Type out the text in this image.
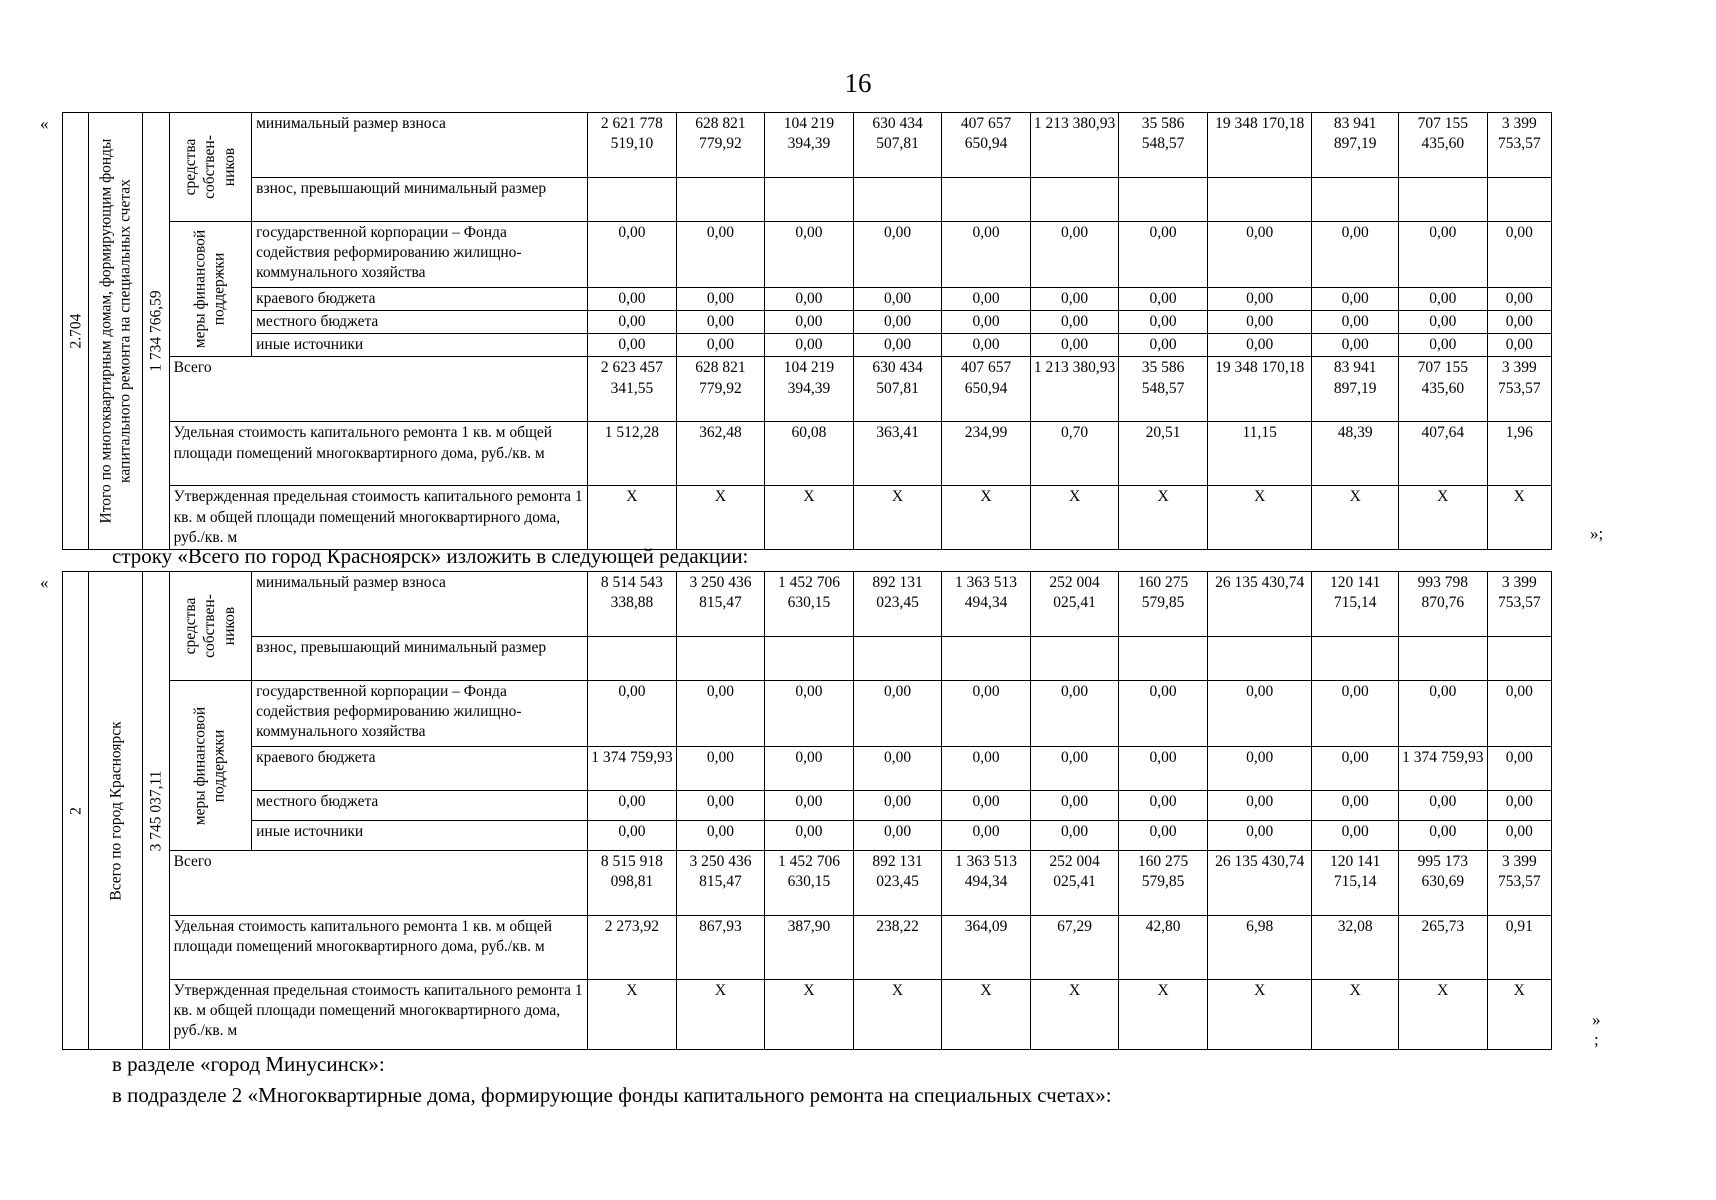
16
«
»;
«
»
;
2.704	Итого по многоквартирным домам, формирующим фонды капитального ремонта на специальных счетах	1 734 766,59	средства собствен-ников	минимальный размер взноса	2 621 778 519,10	628 821 779,92	104 219 394,39	630 434 507,81	407 657 650,94	1 213 380,93	35 586 548,57	19 348 170,18	83 941 897,19	707 155 435,60	3 399 753,57
				взнос, превышающий минимальный размер											

			меры финансовой поддержки	государственной корпорации – Фонда содействия реформированию жилищно-коммунального хозяйства	0,00	0,00	0,00	0,00	0,00	0,00	0,00	0,00	0,00	0,00	0,00
				краевого бюджета	0,00	0,00	0,00	0,00	0,00	0,00	0,00	0,00	0,00	0,00	0,00
				местного бюджета	0,00	0,00	0,00	0,00	0,00	0,00	0,00	0,00	0,00	0,00	0,00
				иные источники	0,00	0,00	0,00	0,00	0,00	0,00	0,00	0,00	0,00	0,00	0,00
			Всего		2 623 457 341,55	628 821 779,92	104 219 394,39	630 434 507,81	407 657 650,94	1 213 380,93	35 586 548,57	19 348 170,18	83 941 897,19	707 155 435,60	3 399 753,57
			Удельная стоимость капитального ремонта 1 кв. м общей площади помещений многоквартирного дома, руб./кв. м		1 512,28	362,48	60,08	363,41	234,99	0,70	20,51	11,15	48,39	407,64	1,96
			Утвержденная предельная стоимость капитального ремонта 1 кв. м общей площади помещений многоквартирного дома, руб./кв. м		Х	Х	Х	Х	Х	Х	Х	Х	Х	Х	Х
строку «Всего по город Красноярск» изложить в следующей редакции:
2	Всего по город Красноярск	3 745 037,11	средства собствен-ников	минимальный размер взноса	8 514 543 338,88	3 250 436 815,47	1 452 706 630,15	892 131 023,45	1 363 513 494,34	252 004 025,41	160 275 579,85	26 135 430,74	120 141 715,14	993 798 870,76	3 399 753,57
				взнос, превышающий минимальный размер											

			меры финансовой поддержки	государственной корпорации – Фонда содействия реформированию жилищно-коммунального хозяйства	0,00	0,00	0,00	0,00	0,00	0,00	0,00	0,00	0,00	0,00	0,00
				краевого бюджета	1 374 759,93	0,00	0,00	0,00	0,00	0,00	0,00	0,00	0,00	1 374 759,93	0,00
				местного бюджета	0,00	0,00	0,00	0,00	0,00	0,00	0,00	0,00	0,00	0,00	0,00
				иные источники	0,00	0,00	0,00	0,00	0,00	0,00	0,00	0,00	0,00	0,00	0,00
			Всего		8 515 918 098,81	3 250 436 815,47	1 452 706 630,15	892 131 023,45	1 363 513 494,34	252 004 025,41	160 275 579,85	26 135 430,74	120 141 715,14	995 173 630,69	3 399 753,57
			Удельная стоимость капитального ремонта 1 кв. м общей площади помещений многоквартирного дома, руб./кв. м		2 273,92	867,93	387,90	238,22	364,09	67,29	42,80	6,98	32,08	265,73	0,91
			Утвержденная предельная стоимость капитального ремонта 1 кв. м общей площади помещений многоквартирного дома, руб./кв. м		Х	Х	Х	Х	Х	Х	Х	Х	Х	Х	Х
в разделе «город Минусинск»:
в подразделе 2 «Многоквартирные дома, формирующие фонды капитального ремонта на специальных счетах»:
